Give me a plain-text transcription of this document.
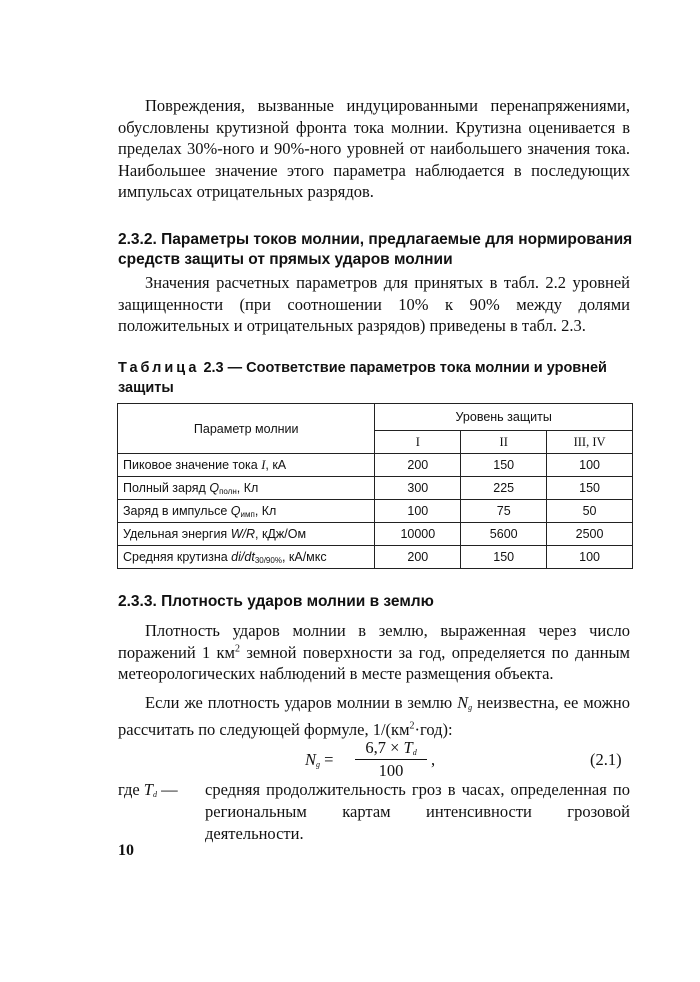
Повреждения, вызванные индуцированными перенапряжениями, обусловлены крутизной фронта тока молнии. Крутизна оценивается в пределах 30%-ного и 90%-ного уровней от наибольшего значения тока. Наибольшее значение этого параметра наблюдается в последующих импульсах отрицательных разрядов.

2.3.2. Параметры токов молнии, предлагаемые для нормирования средств защиты от прямых ударов молнии

Значения расчетных параметров для принятых в табл. 2.2 уровней защищенности (при соотношении 10% к 90% между долями положительных и отрицательных разрядов) приведены в табл. 2.3.

Таблица 2.3 — Соответствие параметров тока молнии и уровней защиты

Параметр молнии	Уровень защиты		
	I	II	III, IV
Пиковое значение тока I, кА	200	150	100
Полный заряд $Q_{полн}$, Кл	300	225	150
Заряд в импульсе $Q_{имп}$, Кл	100	75	50
Удельная энергия W/R, кДж/Ом	10000	5600	2500
Средняя крутизна $di/dt_{30/90\%}$, кА/мкс	200	150	100

2.3.3. Плотность ударов молнии в землю

Плотность ударов молнии в землю, выраженная через число поражений 1 $км^2$ земной поверхности за год, определяется по данным метеорологических наблюдений в месте размещения объекта.

Если же плотность ударов молнии в землю $N_g$ неизвестна, ее можно рассчитать по следующей формуле, $1/(км^2\cdot год)$:

$N_g = \frac{6,7 \times T_d}{100}$ ,	(2.1)
где $T_d$ — средняя продолжительность гроз в часах, определенная по региональным картам интенсивности грозовой деятельности.

10
